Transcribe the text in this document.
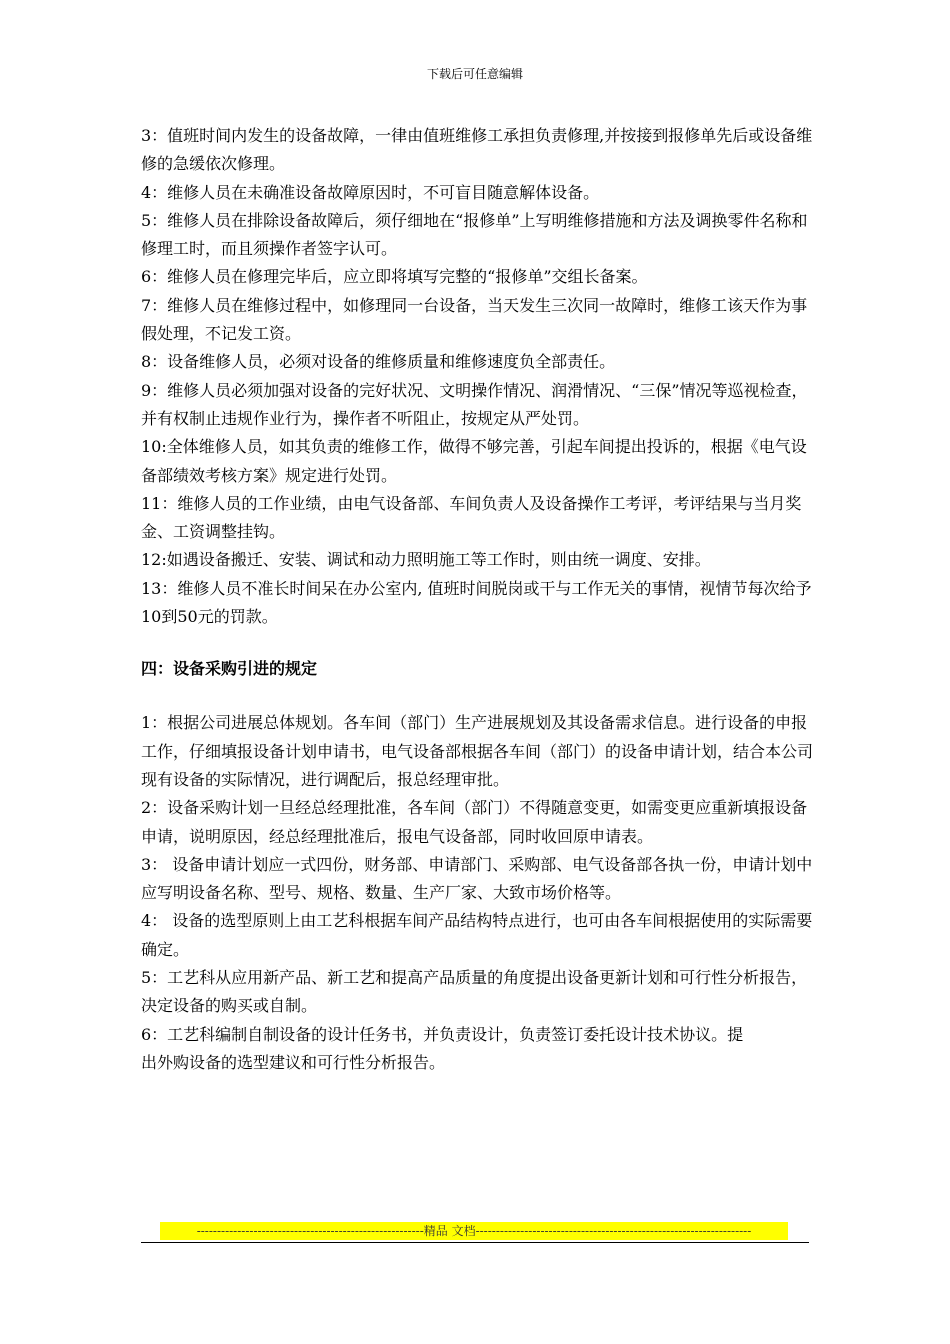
下载后可任意编辑

3：值班时间内发生的设备故障，一律由值班维修工承担负责修理,并按接到报修单先后或设备维修的急缓依次修理。

4：维修人员在未确准设备故障原因时，不可盲目随意解体设备。

5：维修人员在排除设备故障后，须仔细地在“报修单”上写明维修措施和方法及调换零件名称和修理工时，而且须操作者签字认可。

6：维修人员在修理完毕后，应立即将填写完整的“报修单”交组长备案。

7：维修人员在维修过程中，如修理同一台设备，当天发生三次同一故障时，维修工该天作为事假处理，不记发工资。

8：设备维修人员，必须对设备的维修质量和维修速度负全部责任。

9：维修人员必须加强对设备的完好状况、文明操作情况、润滑情况、“三保”情况等巡视检查，并有权制止违规作业行为，操作者不听阻止，按规定从严处罚。

10:全体维修人员，如其负责的维修工作，做得不够完善，引起车间提出投诉的，根据《电气设备部绩效考核方案》规定进行处罚。

11：维修人员的工作业绩，由电气设备部、车间负责人及设备操作工考评，考评结果与当月奖金、工资调整挂钩。

12:如遇设备搬迁、安装、调试和动力照明施工等工作时，则由统一调度、安排。

13：维修人员不准长时间呆在办公室内, 值班时间脱岗或干与工作无关的事情，视情节每次给予10到50元的罚款。

四：设备采购引进的规定

1：根据公司进展总体规划。各车间（部门）生产进展规划及其设备需求信息。进行设备的申报工作，仔细填报设备计划申请书，电气设备部根据各车间（部门）的设备申请计划，结合本公司现有设备的实际情况，进行调配后，报总经理审批。

2：设备采购计划一旦经总经理批准，各车间（部门）不得随意变更，如需变更应重新填报设备申请，说明原因，经总经理批准后，报电气设备部，同时收回原申请表。

3： 设备申请计划应一式四份，财务部、申请部门、采购部、电气设备部各执一份，申请计划中应写明设备名称、型号、规格、数量、生产厂家、大致市场价格等。

4： 设备的选型原则上由工艺科根据车间产品结构特点进行，也可由各车间根据使用的实际需要确定。

5：工艺科从应用新产品、新工艺和提高产品质量的角度提出设备更新计划和可行性分析报告，决定设备的购买或自制。

6：工艺科编制自制设备的设计任务书，并负责设计，负责签订委托设计技术协议。提

出外购设备的选型建议和可行性分析报告。

--------------------------------------------------------精品 文档--------------------------------------------------------------------
